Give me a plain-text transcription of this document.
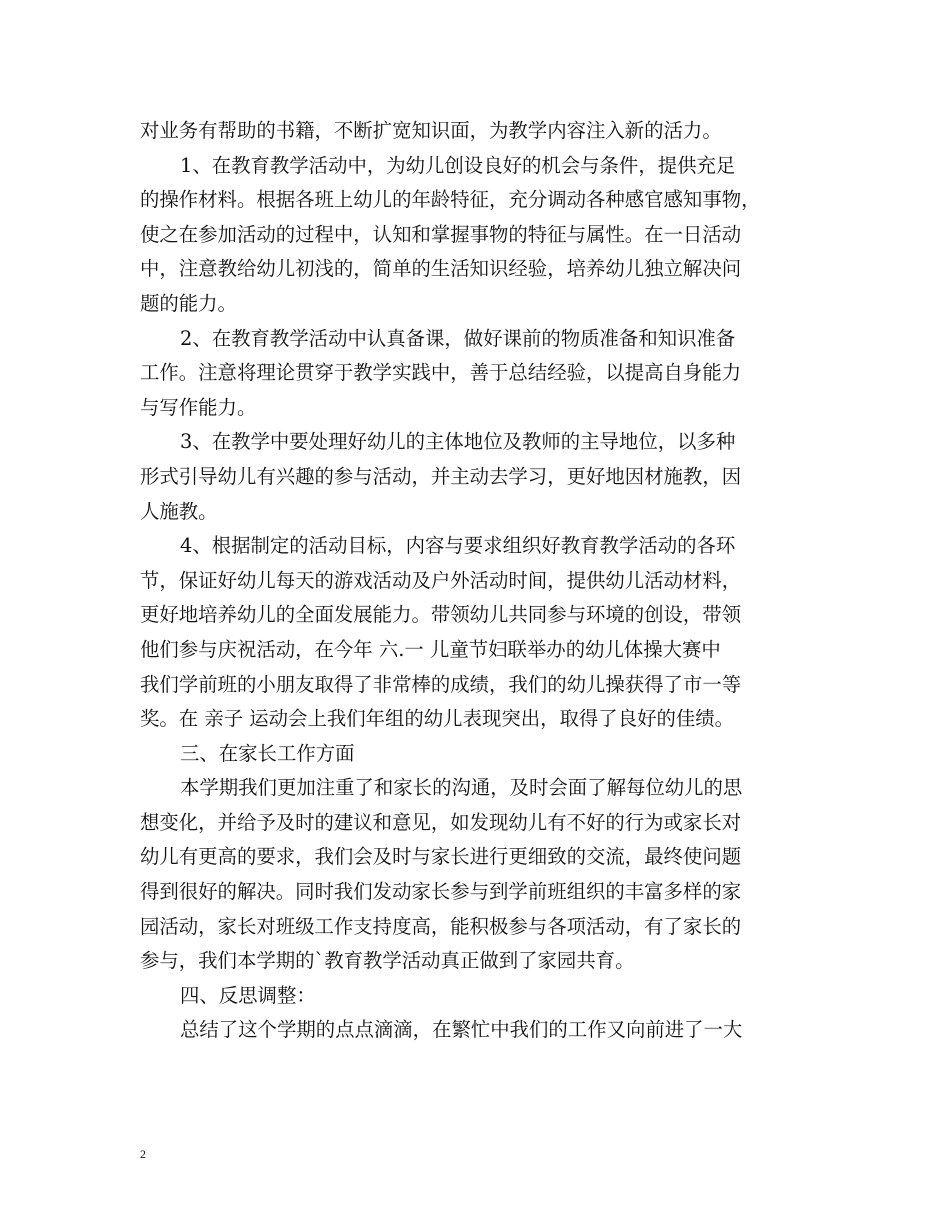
对业务有帮助的书籍，不断扩宽知识面，为教学内容注入新的活力。
1、在教育教学活动中，为幼儿创设良好的机会与条件，提供充足
的操作材料。根据各班上幼儿的年龄特征，充分调动各种感官感知事物，
使之在参加活动的过程中，认知和掌握事物的特征与属性。在一日活动
中，注意教给幼儿初浅的，简单的生活知识经验，培养幼儿独立解决问
题的能力。
2、在教育教学活动中认真备课，做好课前的物质准备和知识准备
工作。注意将理论贯穿于教学实践中，善于总结经验，以提高自身能力
与写作能力。
3、在教学中要处理好幼儿的主体地位及教师的主导地位，以多种
形式引导幼儿有兴趣的参与活动，并主动去学习，更好地因材施教，因
人施教。
4、根据制定的活动目标，内容与要求组织好教育教学活动的各环
节，保证好幼儿每天的游戏活动及户外活动时间，提供幼儿活动材料，
更好地培养幼儿的全面发展能力。带领幼儿共同参与环境的创设，带领
他们参与庆祝活动，在今年 六.一 儿童节妇联举办的幼儿体操大赛中
我们学前班的小朋友取得了非常棒的成绩，我们的幼儿操获得了市一等
奖。在 亲子 运动会上我们年组的幼儿表现突出，取得了良好的佳绩。
三、在家长工作方面
本学期我们更加注重了和家长的沟通，及时会面了解每位幼儿的思
想变化，并给予及时的建议和意见，如发现幼儿有不好的行为或家长对
幼儿有更高的要求，我们会及时与家长进行更细致的交流，最终使问题
得到很好的解决。同时我们发动家长参与到学前班组织的丰富多样的家
园活动，家长对班级工作支持度高，能积极参与各项活动，有了家长的
参与，我们本学期的`教育教学活动真正做到了家园共育。
四、反思调整：
总结了这个学期的点点滴滴，在繁忙中我们的工作又向前进了一大
2
